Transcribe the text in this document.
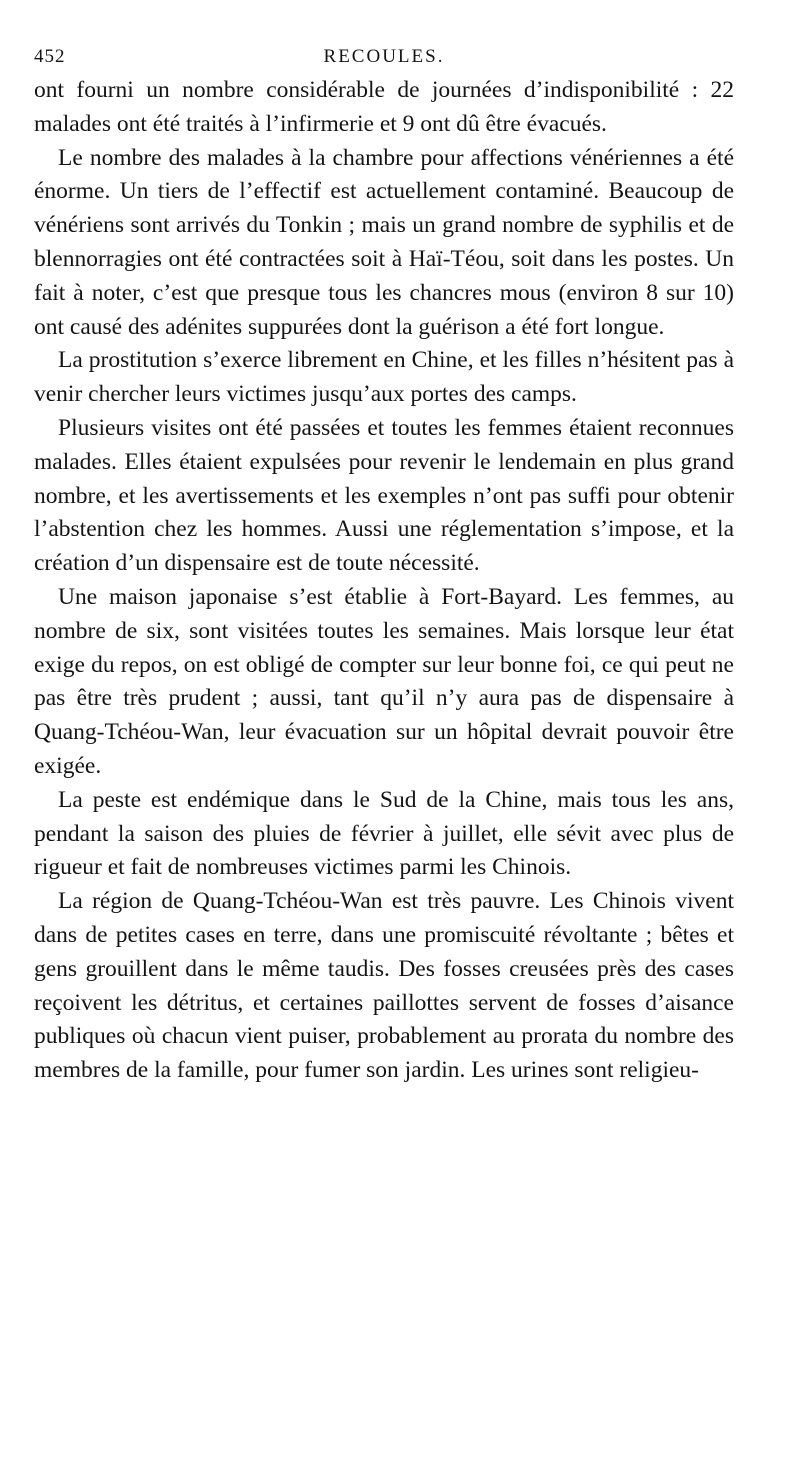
452	RECOULES.

ont fourni un nombre considérable de journées d’indisponibilité : 22 malades ont été traités à l’infirmerie et 9 ont dû être évacués.

Le nombre des malades à la chambre pour affections vénériennes a été énorme. Un tiers de l’effectif est actuellement contaminé. Beaucoup de vénériens sont arrivés du Tonkin ; mais un grand nombre de syphilis et de blennorragies ont été contractées soit à Haï-Téou, soit dans les postes. Un fait à noter, c’est que presque tous les chancres mous (environ 8 sur 10) ont causé des adénites suppurées dont la guérison a été fort longue.

La prostitution s’exerce librement en Chine, et les filles n’hésitent pas à venir chercher leurs victimes jusqu’aux portes des camps.

Plusieurs visites ont été passées et toutes les femmes étaient reconnues malades. Elles étaient expulsées pour revenir le lendemain en plus grand nombre, et les avertissements et les exemples n’ont pas suffi pour obtenir l’abstention chez les hommes. Aussi une réglementation s’impose, et la création d’un dispensaire est de toute nécessité.

Une maison japonaise s’est établie à Fort-Bayard. Les femmes, au nombre de six, sont visitées toutes les semaines. Mais lorsque leur état exige du repos, on est obligé de compter sur leur bonne foi, ce qui peut ne pas être très prudent ; aussi, tant qu’il n’y aura pas de dispensaire à Quang-Tchéou-Wan, leur évacuation sur un hôpital devrait pouvoir être exigée.

La peste est endémique dans le Sud de la Chine, mais tous les ans, pendant la saison des pluies de février à juillet, elle sévit avec plus de rigueur et fait de nombreuses victimes parmi les Chinois.

La région de Quang-Tchéou-Wan est très pauvre. Les Chinois vivent dans de petites cases en terre, dans une promiscuité révoltante ; bêtes et gens grouillent dans le même taudis. Des fosses creusées près des cases reçoivent les détritus, et certaines paillottes servent de fosses d’aisance publiques où chacun vient puiser, probablement au prorata du nombre des membres de la famille, pour fumer son jardin. Les urines sont religieu-
